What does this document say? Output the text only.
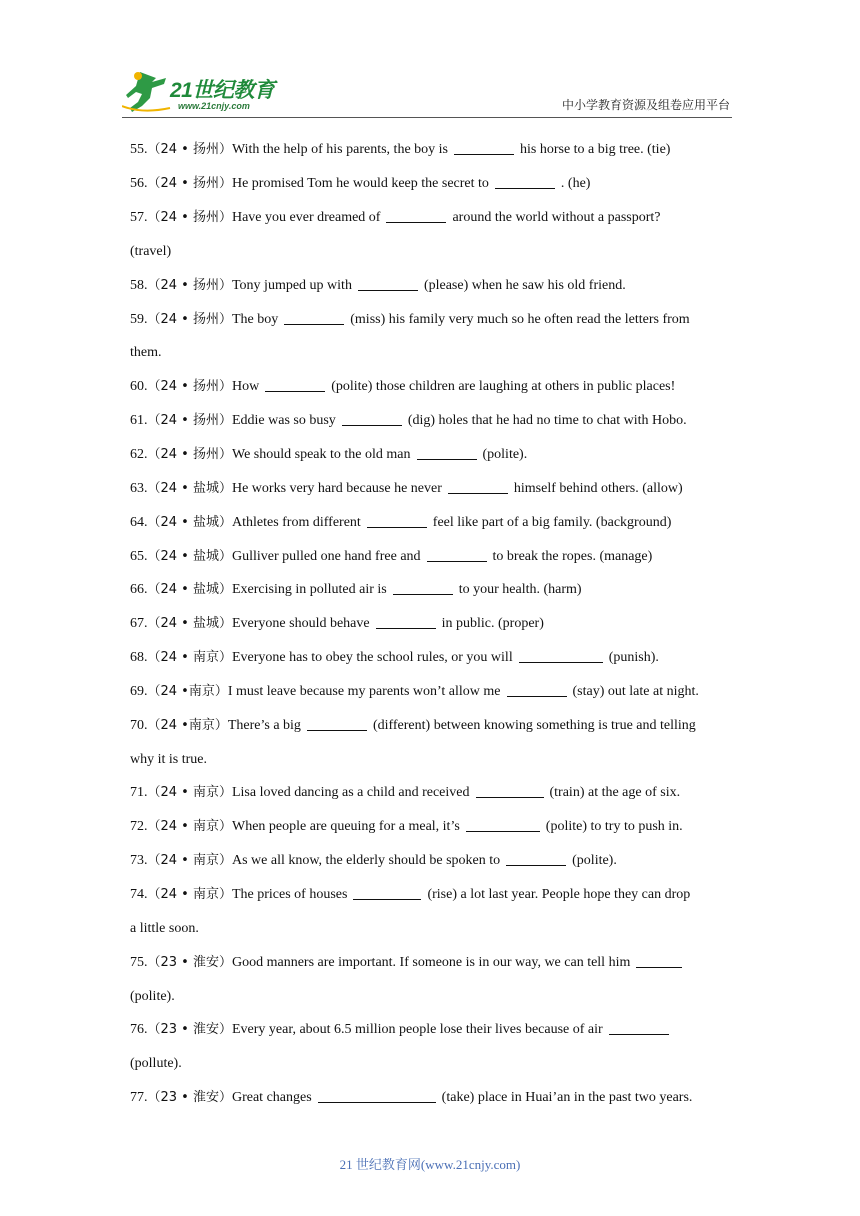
21世纪教育
www.21cnjy.com	中小学教育资源及组卷应用平台
55. （24 • 扬州） With the help of his parents, the boy is	his horse to a big tree. (tie)
56. （24 • 扬州） He promised Tom he would keep the secret to	. (he)
57. （24 • 扬州） Have you ever dreamed of	around the world without a passport?
(travel)
58. （24 • 扬州） Tony jumped up with	(please) when he saw his old friend.
59. （24 • 扬州） The boy	(miss) his family very much so he often read the letters from
them.
60. （24 • 扬州） How	(polite) those children are laughing at others in public places!
61. （24 • 扬州） Eddie was so busy	(dig) holes that he had no time to chat with Hobo.
62. （24 • 扬州） We should speak to the old man	(polite).
63. （24 • 盐城） He works very hard because he never	himself behind others. (allow)
64. （24 • 盐城） Athletes from different	feel like part of a big family. (background)
65. （24 • 盐城） Gulliver pulled one hand free and	to break the ropes. (manage)
66. （24 • 盐城） Exercising in polluted air is	to your health. (harm)
67. （24 • 盐城） Everyone should behave	in public. (proper)
68. （24 • 南京） Everyone has to obey the school rules, or you will	(punish).
69. （24 •南京） I must leave because my parents won’t allow me	(stay) out late at night.
70. （24 •南京） There’s a big	(different) between knowing something is true and telling
why it is true.
71. （24 • 南京） Lisa loved dancing as a child and received	(train) at the age of six.
72. （24 • 南京） When people are queuing for a meal, it’s	(polite) to try to push in.
73. （24 • 南京） As we all know, the elderly should be spoken to	(polite).
74. （24 • 南京） The prices of houses	(rise) a lot last year. People hope they can drop
a little soon.
75. （23 • 淮安） Good manners are important. If someone is in our way, we can tell him
(polite).
76. （23 • 淮安） Every year, about 6.5 million people lose their lives because of air
(pollute).
77. （23 • 淮安） Great changes	(take) place in Huai’an in the past two years.
21 世纪教育网(www.21cnjy.com)
